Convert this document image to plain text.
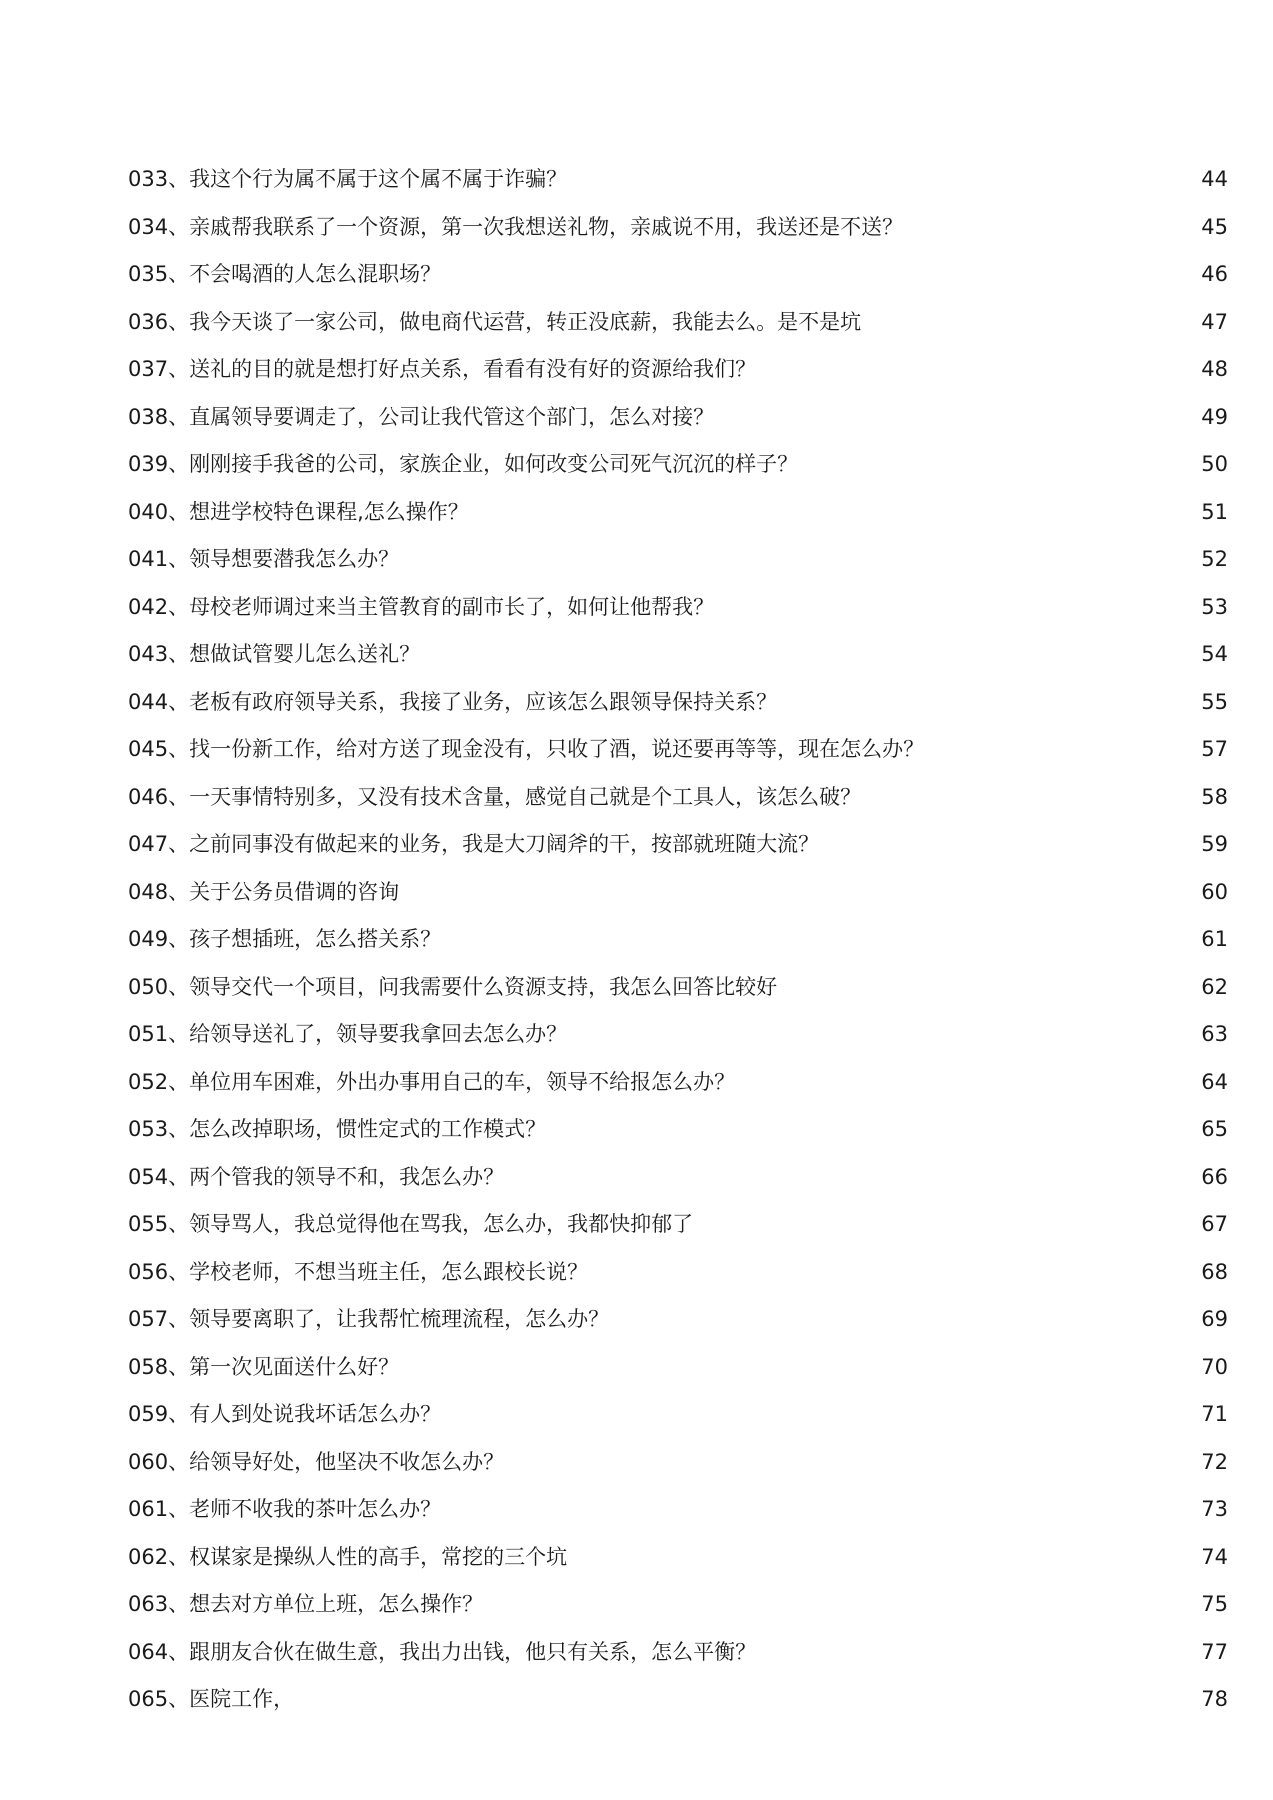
033、我这个行为属不属于这个属不属于诈骗？	44
034、亲戚帮我联系了一个资源，第一次我想送礼物，亲戚说不用，我送还是不送？	45
035、不会喝酒的人怎么混职场？	46
036、我今天谈了一家公司，做电商代运营，转正没底薪，我能去么。是不是坑	47
037、送礼的目的就是想打好点关系，看看有没有好的资源给我们？	48
038、直属领导要调走了，公司让我代管这个部门，怎么对接？	49
039、刚刚接手我爸的公司，家族企业，如何改变公司死气沉沉的样子？	50
040、想进学校特色课程,怎么操作？	51
041、领导想要潜我怎么办？	52
042、母校老师调过来当主管教育的副市长了，如何让他帮我？	53
043、想做试管婴儿怎么送礼？	54
044、老板有政府领导关系，我接了业务，应该怎么跟领导保持关系？	55
045、找一份新工作，给对方送了现金没有，只收了酒，说还要再等等，现在怎么办？	57
046、一天事情特别多，又没有技术含量，感觉自己就是个工具人，该怎么破？	58
047、之前同事没有做起来的业务，我是大刀阔斧的干，按部就班随大流？	59
048、关于公务员借调的咨询	60
049、孩子想插班，怎么搭关系？	61
050、领导交代一个项目，问我需要什么资源支持，我怎么回答比较好	62
051、给领导送礼了，领导要我拿回去怎么办？	63
052、单位用车困难，外出办事用自己的车，领导不给报怎么办？	64
053、怎么改掉职场，惯性定式的工作模式？	65
054、两个管我的领导不和，我怎么办？	66
055、领导骂人，我总觉得他在骂我，怎么办，我都快抑郁了	67
056、学校老师，不想当班主任，怎么跟校长说？	68
057、领导要离职了，让我帮忙梳理流程，怎么办？	69
058、第一次见面送什么好？	70
059、有人到处说我坏话怎么办？	71
060、给领导好处，他坚决不收怎么办？	72
061、老师不收我的茶叶怎么办？	73
062、权谋家是操纵人性的高手，常挖的三个坑	74
063、想去对方单位上班，怎么操作？	75
064、跟朋友合伙在做生意，我出力出钱，他只有关系，怎么平衡？	77
065、医院工作，	78
